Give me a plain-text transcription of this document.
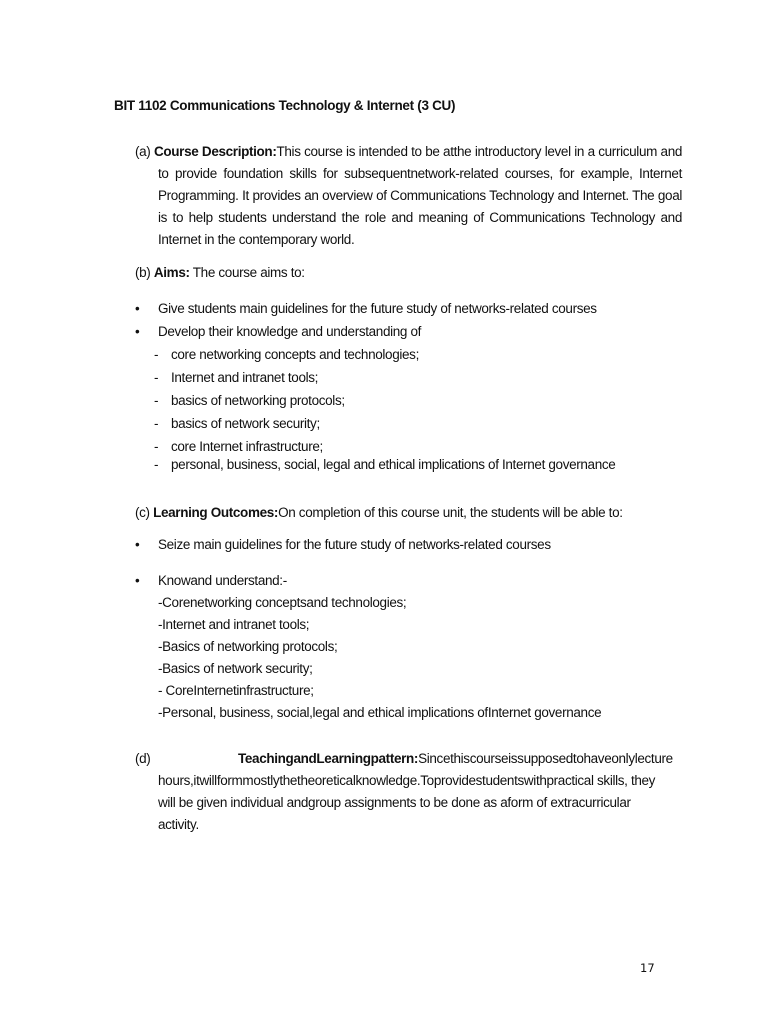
BIT 1102 Communications Technology & Internet (3 CU)
(a) Course Description:This course is intended to be atthe introductory level in a curriculum and to provide foundation skills for subsequentnetwork-related courses, for example, Internet Programming. It provides an overview of Communications Technology and Internet. The goal is to help students understand the role and meaning of Communications Technology and Internet in the contemporary world.
(b) Aims: The course aims to:
• Give students main guidelines for the future study of networks-related courses
• Develop their knowledge and understanding of
- core networking concepts and technologies;
- Internet and intranet tools;
- basics of networking protocols;
- basics of network security;
- core Internet infrastructure;
- personal, business, social, legal and ethical implications of Internet governance
(c) Learning Outcomes:On completion of this course unit, the students will be able to:
• Seize main guidelines for the future study of networks-related courses
• Knowand understand:-
-Corenetworking conceptsand technologies;
-Internet and intranet tools;
-Basics of networking protocols;
-Basics of network security;
- CoreInternetinfrastructure;
-Personal, business, social,legal and ethical implications ofInternet governance
(d)	TeachingandLearningpattern:Sincethiscourseissupposedtohaveonlylecture
hours,itwillformmostlythetheoreticalknowledge.Toprovidestudentswithpractical skills, they
will be given individual andgroup assignments to be done as aform of extracurricular
activity.
17
